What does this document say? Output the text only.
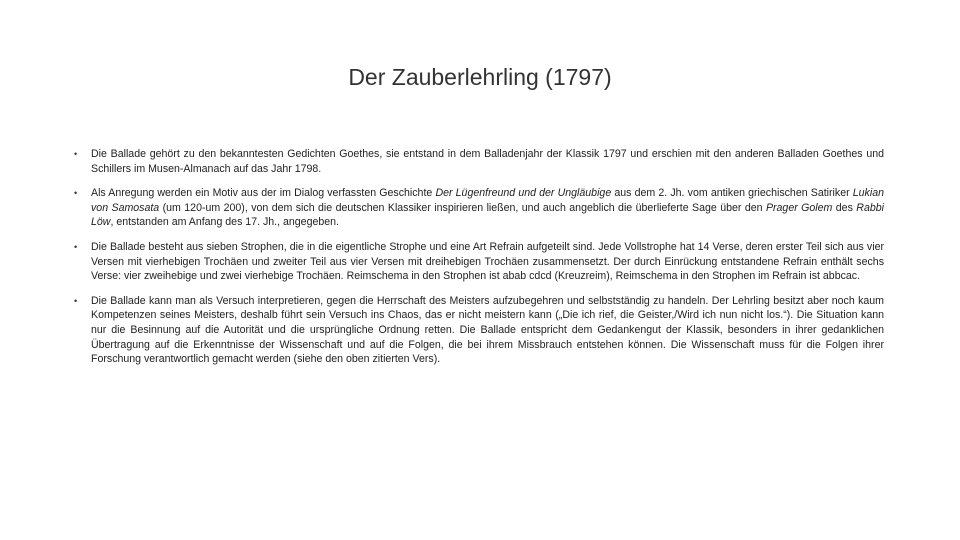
Der Zauberlehrling (1797)
• Die Ballade gehört zu den bekanntesten Gedichten Goethes, sie entstand in dem Balladenjahr der Klassik 1797 und erschien mit den anderen Balladen Goethes und Schillers im Musen-Almanach auf das Jahr 1798.
• Als Anregung werden ein Motiv aus der im Dialog verfassten Geschichte Der Lügenfreund und der Ungläubige aus dem 2. Jh. vom antiken griechischen Satiriker Lukian von Samosata (um 120-um 200), von dem sich die deutschen Klassiker inspirieren ließen, und auch angeblich die überlieferte Sage über den Prager Golem des Rabbi Löw, entstanden am Anfang des 17. Jh., angegeben.
• Die Ballade besteht aus sieben Strophen, die in die eigentliche Strophe und eine Art Refrain aufgeteilt sind. Jede Vollstrophe hat 14 Verse, deren erster Teil sich aus vier Versen mit vierhebigen Trochäen und zweiter Teil aus vier Versen mit dreihebigen Trochäen zusammensetzt. Der durch Einrückung entstandene Refrain enthält sechs Verse: vier zweihebige und zwei vierhebige Trochäen. Reimschema in den Strophen ist abab cdcd (Kreuzreim), Reimschema in den Strophen im Refrain ist abbcac.
• Die Ballade kann man als Versuch interpretieren, gegen die Herrschaft des Meisters aufzubegehren und selbstständig zu handeln. Der Lehrling besitzt aber noch kaum Kompetenzen seines Meisters, deshalb führt sein Versuch ins Chaos, das er nicht meistern kann („Die ich rief, die Geister,/Wird ich nun nicht los.“). Die Situation kann nur die Besinnung auf die Autorität und die ursprüngliche Ordnung retten. Die Ballade entspricht dem Gedankengut der Klassik, besonders in ihrer gedanklichen Übertragung auf die Erkenntnisse der Wissenschaft und auf die Folgen, die bei ihrem Missbrauch entstehen können. Die Wissenschaft muss für die Folgen ihrer Forschung verantwortlich gemacht werden (siehe den oben zitierten Vers).
